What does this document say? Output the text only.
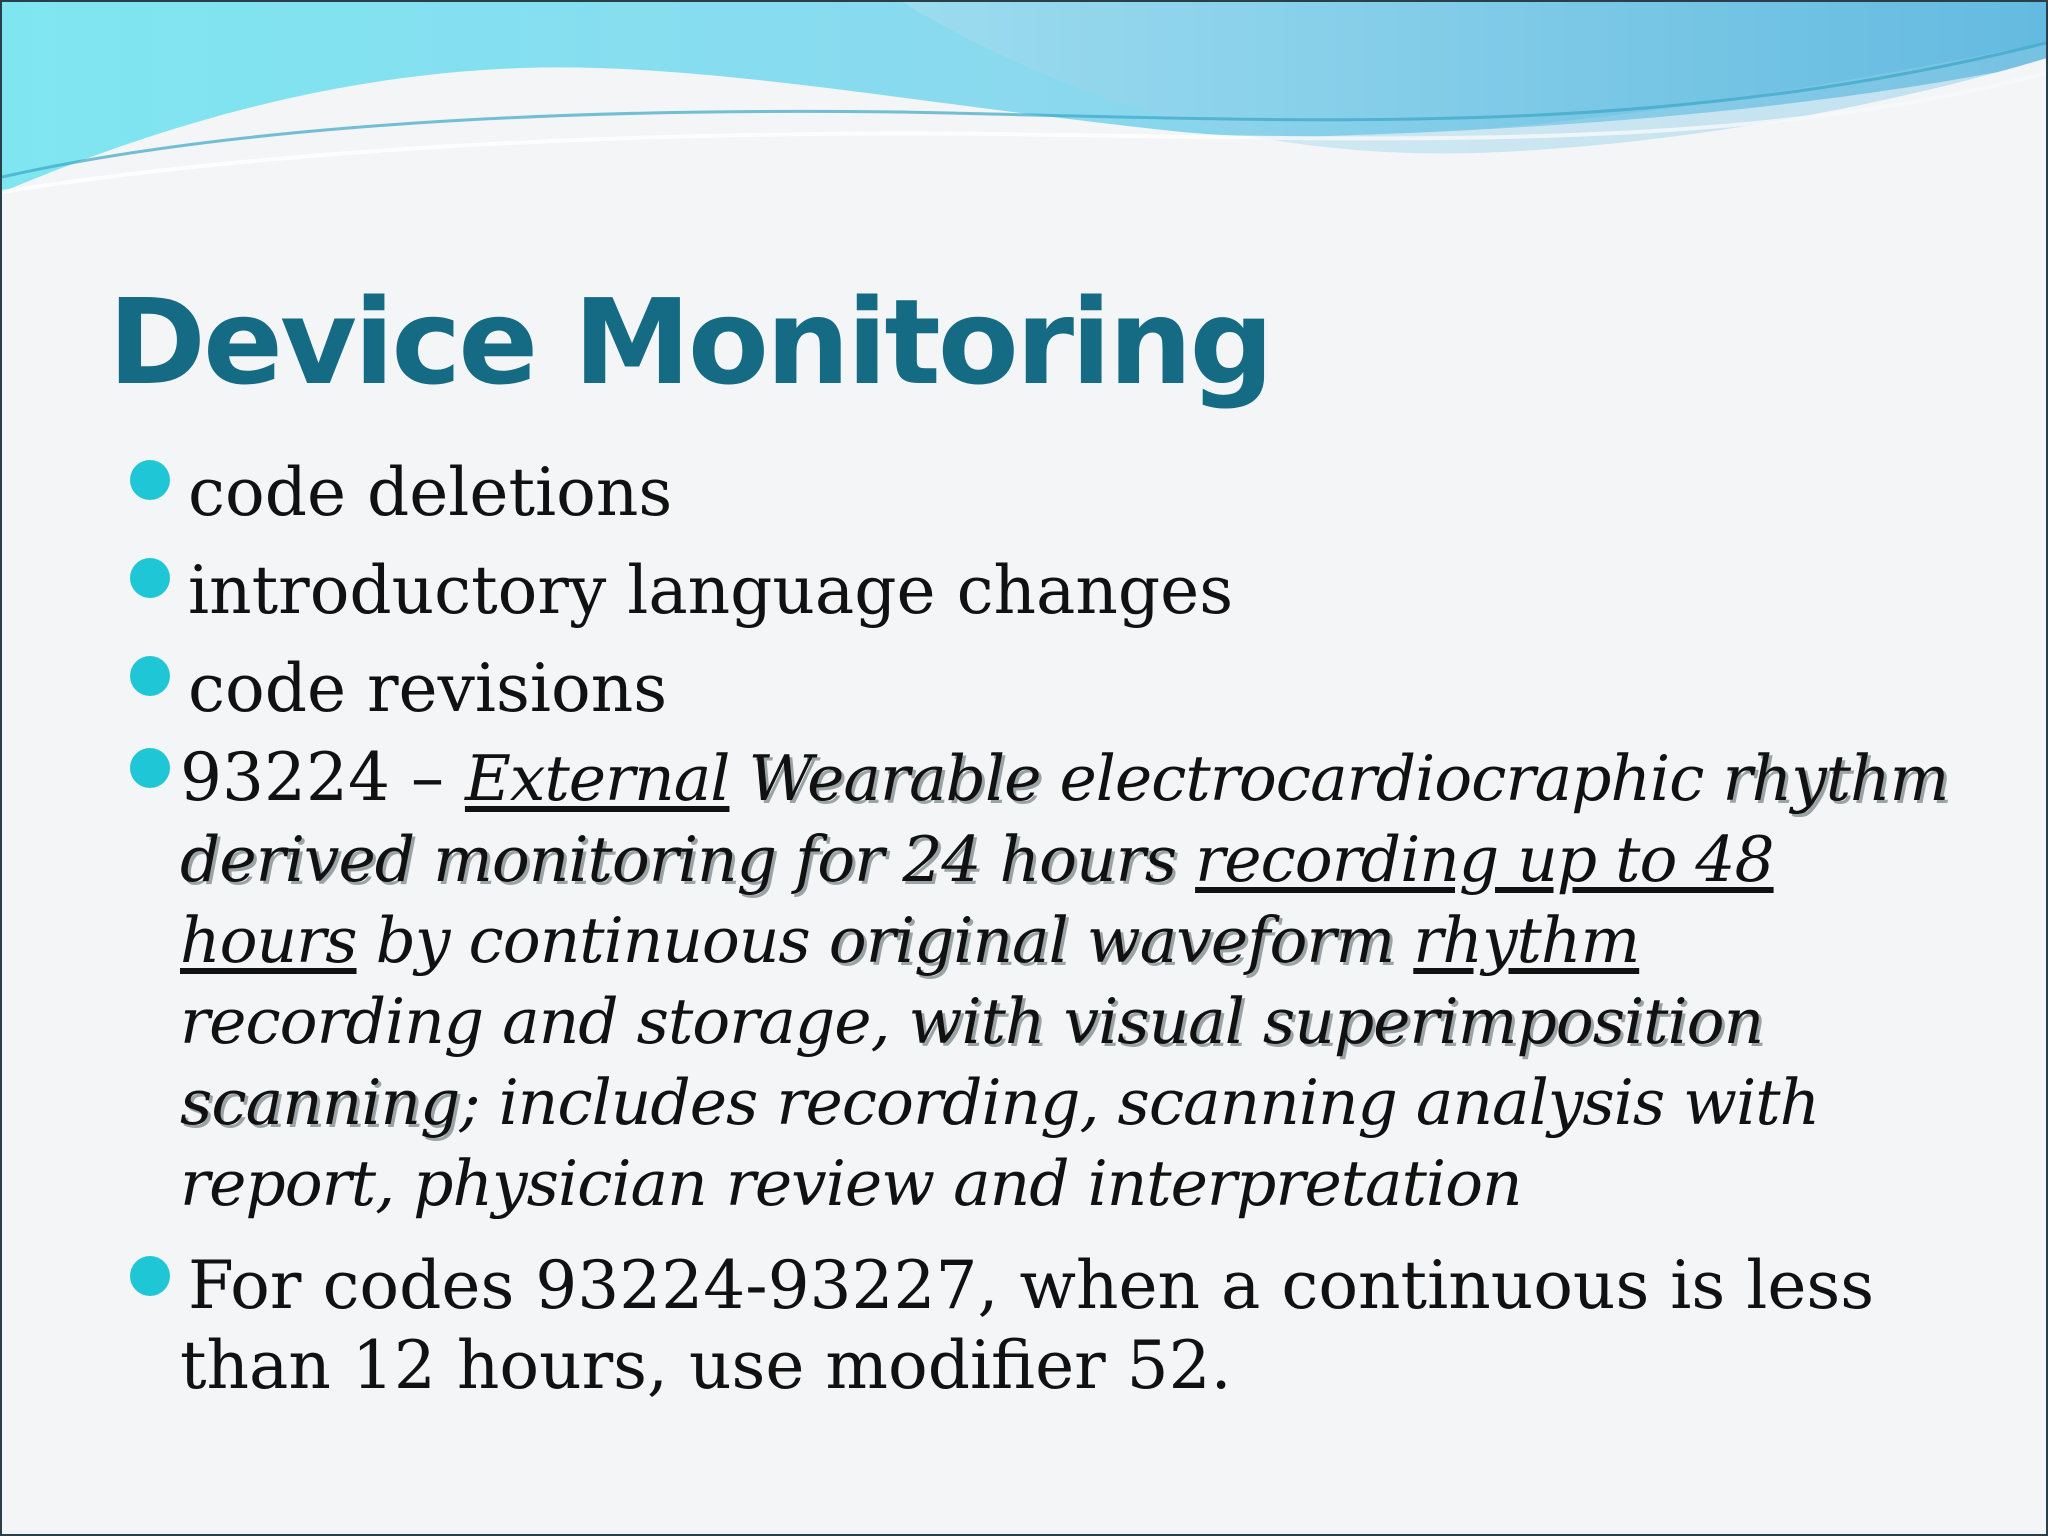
Device Monitoring
code deletions
introductory language changes
code revisions
93224 – External Wearable electrocardiocraphic rhythm derived monitoring for 24 hours recording up to 48 hours by continuous original waveform rhythm recording and storage, with visual superimposition scanning; includes recording, scanning analysis with report, physician review and interpretation
For codes 93224-93227, when a continuous is less
than 12 hours, use modifier 52.
